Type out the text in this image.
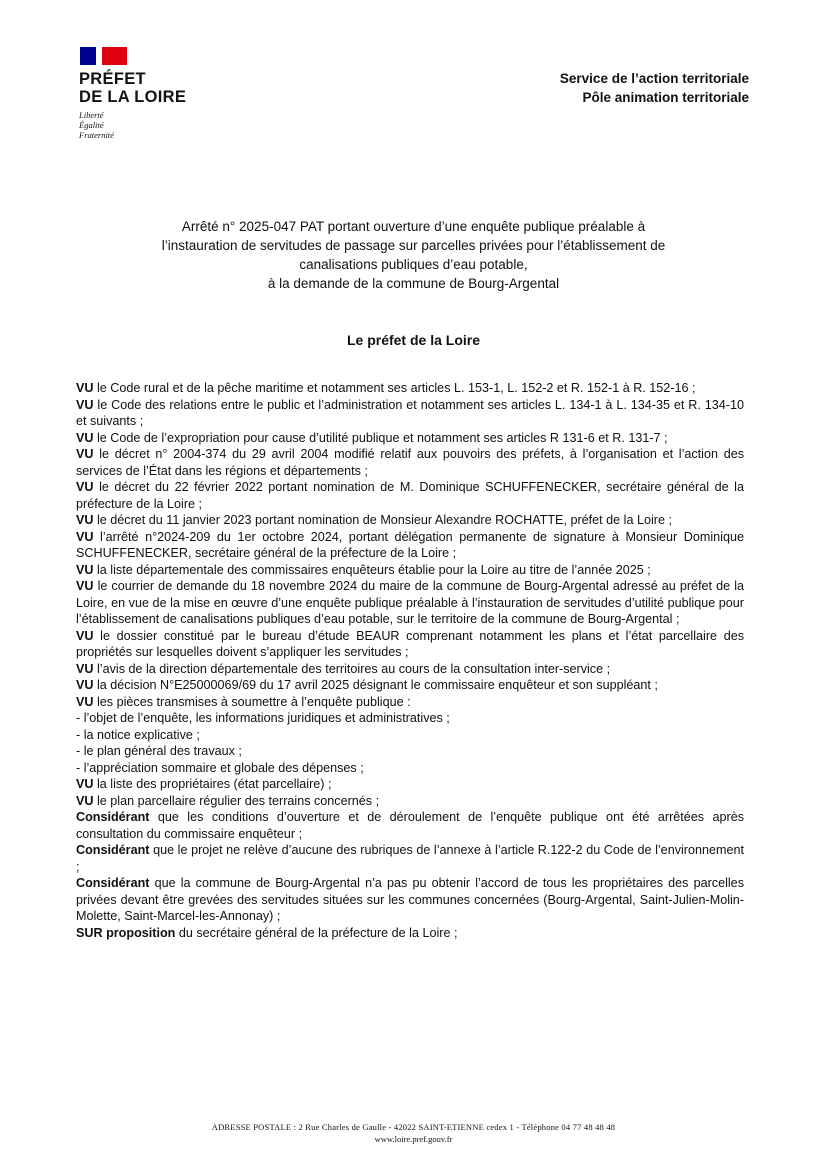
PRÉFET
DE LA LOIRE
Liberté
Égalité
Fraternité
Service de l’action territoriale
Pôle animation territoriale
Arrêté n° 2025-047 PAT portant ouverture d’une enquête publique préalable à
l’instauration de servitudes de passage sur parcelles privées pour l’établissement de
canalisations publiques d’eau potable,
à la demande de la commune de Bourg-Argental
Le préfet de la Loire

VU le Code rural et de la pêche maritime et notamment ses articles L. 153-1, L. 152-2 et R. 152-1 à R. 152-16 ;

VU le Code des relations entre le public et l’administration et notamment ses articles L. 134-1 à L. 134-35 et R. 134-10 et suivants ;

VU le Code de l’expropriation pour cause d’utilité publique et notamment ses articles R 131-6 et R. 131-7 ;

VU le décret n° 2004-374 du 29 avril 2004 modifié relatif aux pouvoirs des préfets, à l’organisation et l’action des services de l’État dans les régions et départements ;

VU le décret du 22 février 2022 portant nomination de M. Dominique SCHUFFENECKER, secrétaire général de la préfecture de la Loire ;

VU le décret du 11 janvier 2023 portant nomination de Monsieur Alexandre ROCHATTE, préfet de la Loire ;

VU l’arrêté n°2024-209 du 1er octobre 2024, portant délégation permanente de signature à Monsieur Dominique SCHUFFENECKER, secrétaire général de la préfecture de la Loire ;

VU la liste départementale des commissaires enquêteurs établie pour la Loire au titre de l’année 2025 ;

VU le courrier de demande du 18 novembre 2024 du maire de la commune de Bourg-Argental adressé au préfet de la Loire, en vue de la mise en œuvre d’une enquête publique préalable à l’instauration de servitudes d’utilité publique pour l’établissement de canalisations publiques d’eau potable, sur le territoire de la commune de Bourg-Argental ;

VU le dossier constitué par le bureau d’étude BEAUR comprenant notamment les plans et l’état parcellaire des propriétés sur lesquelles doivent s’appliquer les servitudes ;

VU l’avis de la direction départementale des territoires au cours de la consultation inter-service ;

VU la décision N°E25000069/69 du 17 avril 2025 désignant le commissaire enquêteur et son suppléant ;

VU les pièces transmises à soumettre à l’enquête publique :

- l’objet de l’enquête, les informations juridiques et administratives ;

- la notice explicative ;

- le plan général des travaux ;

- l’appréciation sommaire et globale des dépenses ;

VU la liste des propriétaires (état parcellaire) ;

VU le plan parcellaire régulier des terrains concernés ;

Considérant que les conditions d’ouverture et de déroulement de l’enquête publique ont été arrêtées après consultation du commissaire enquêteur ;

Considérant que le projet ne relève d’aucune des rubriques de l’annexe à l’article R.122-2 du Code de l’environnement ;

Considérant que la commune de Bourg-Argental n’a pas pu obtenir l’accord de tous les propriétaires des parcelles privées devant être grevées des servitudes situées sur les communes concernées (Bourg-Argental, Saint-Julien-Molin-Molette, Saint-Marcel-les-Annonay) ;

SUR proposition du secrétaire général de la préfecture de la Loire ;

ADRESSE POSTALE : 2 Rue Charles de Gaulle - 42022 SAINT-ETIENNE cedex 1 - Téléphone 04 77 48 48 48
www.loire.pref.gouv.fr
